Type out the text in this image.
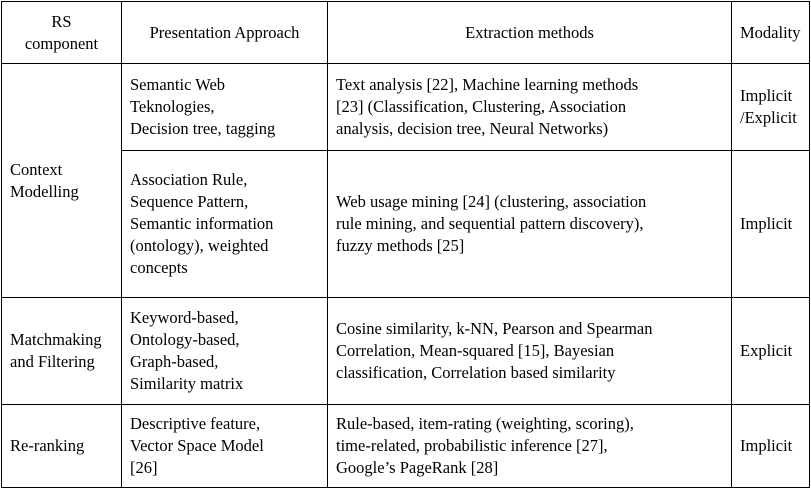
RS
component	Presentation Approach	Extraction methods	Modality
Context
Modelling	Semantic Web
Teknologies,
Decision tree, tagging	Text analysis [22], Machine learning methods
[23] (Classification, Clustering, Association
analysis, decision tree, Neural Networks)	Implicit
/Explicit
	Association Rule,
Sequence Pattern,
Semantic information
(ontology), weighted
concepts	Web usage mining [24] (clustering, association
rule mining, and sequential pattern discovery),
fuzzy methods [25]	Implicit
Matchmaking
and Filtering	Keyword-based,
Ontology-based,
Graph-based,
Similarity matrix	Cosine similarity, k-NN, Pearson and Spearman
Correlation, Mean-squared [15], Bayesian
classification, Correlation based similarity	Explicit
Re-ranking	Descriptive feature,
Vector Space Model
[26]	Rule-based, item-rating (weighting, scoring),
time-related, probabilistic inference [27],
Google’s PageRank [28]	Implicit
